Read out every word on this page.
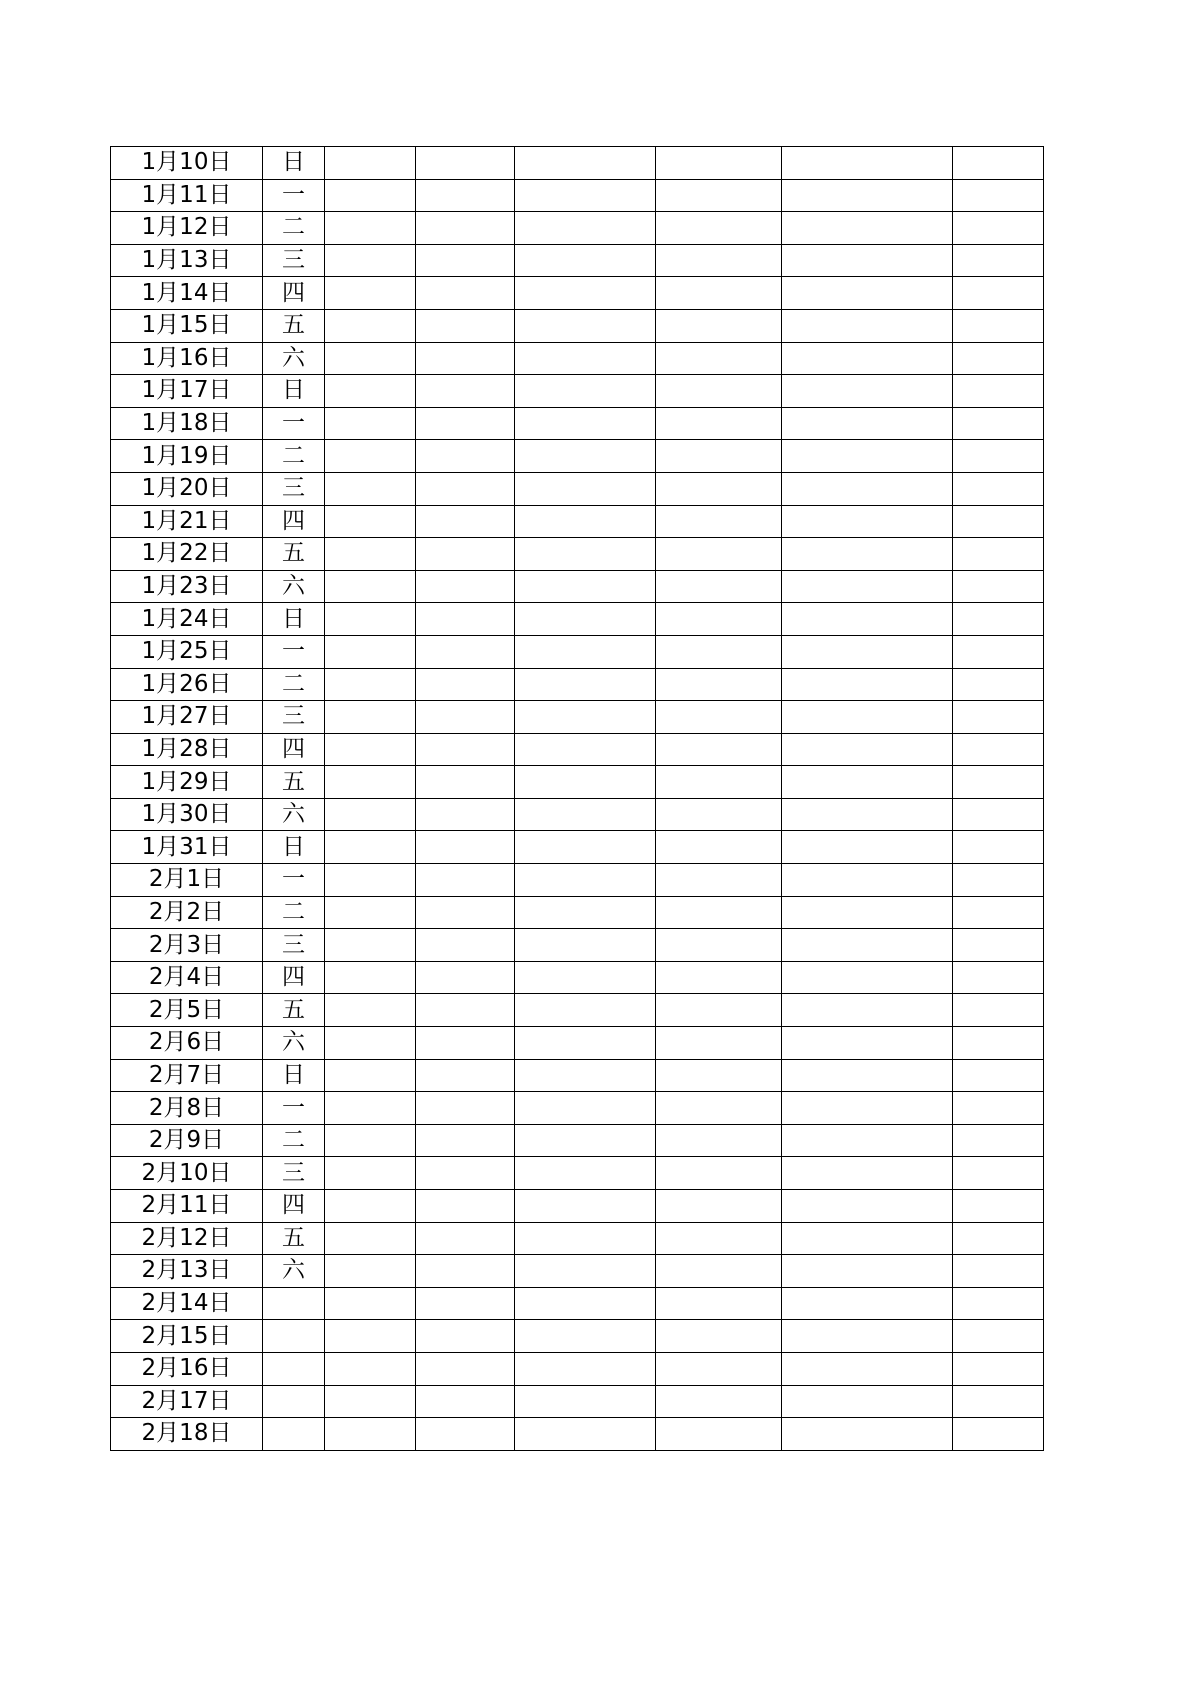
1月10日	日						
1月11日	一						
1月12日	二						
1月13日	三						
1月14日	四						
1月15日	五						
1月16日	六						
1月17日	日						
1月18日	一						
1月19日	二						
1月20日	三						
1月21日	四						
1月22日	五						
1月23日	六						
1月24日	日						
1月25日	一						
1月26日	二						
1月27日	三						
1月28日	四						
1月29日	五						
1月30日	六						
1月31日	日						
2月1日	一						
2月2日	二						
2月3日	三						
2月4日	四						
2月5日	五						
2月6日	六						
2月7日	日						
2月8日	一						
2月9日	二						
2月10日	三						
2月11日	四						
2月12日	五						
2月13日	六						
2月14日							
2月15日							
2月16日							
2月17日							
2月18日							
